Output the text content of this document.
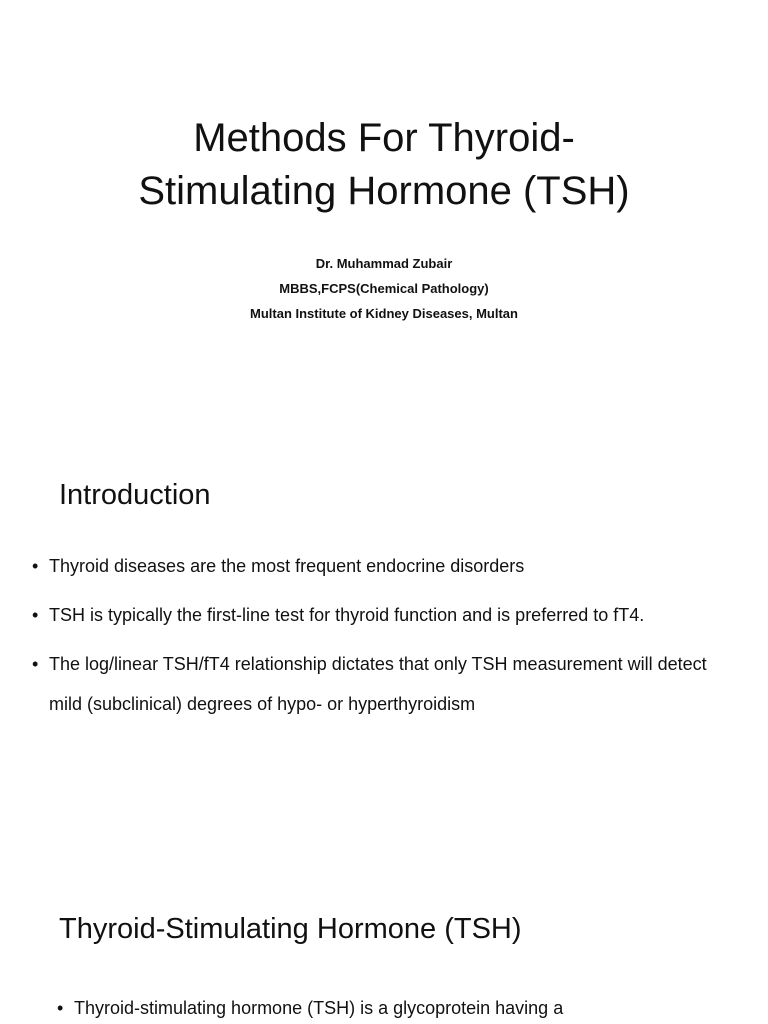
Methods For Thyroid-
Stimulating Hormone (TSH)
Dr. Muhammad Zubair
MBBS,FCPS(Chemical Pathology)
Multan Institute of Kidney Diseases, Multan
Introduction
• Thyroid diseases are the most frequent endocrine disorders
• TSH is typically the first-line test for thyroid function and is preferred to fT4.
• The log/linear TSH/fT4 relationship dictates that only TSH measurement will detect mild (subclinical) degrees of hypo- or hyperthyroidism
Thyroid-Stimulating Hormone (TSH)
• Thyroid-stimulating hormone (TSH) is a glycoprotein having a
